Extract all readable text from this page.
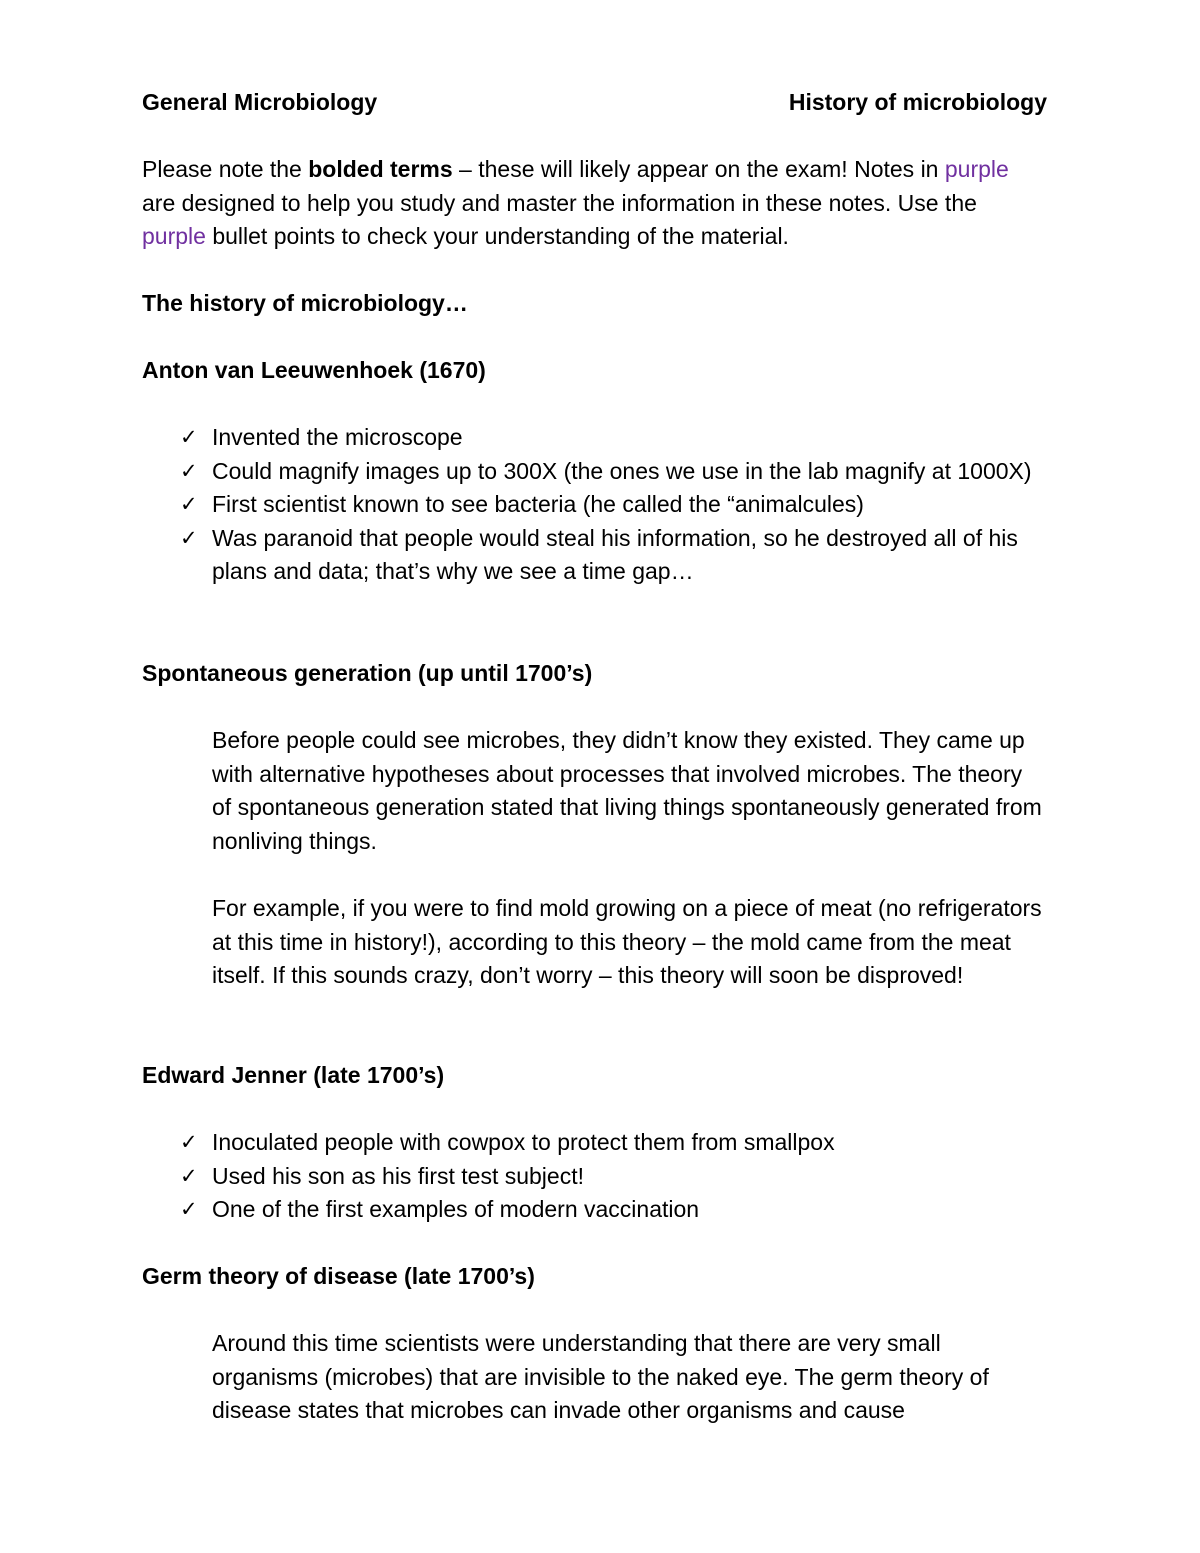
General Microbiology	History of microbiology

Please note the bolded terms – these will likely appear on the exam! Notes in purple are designed to help you study and master the information in these notes. Use the purple bullet points to check your understanding of the material.

The history of microbiology…

Anton van Leeuwenhoek (1670)

✓ Invented the microscope
✓ Could magnify images up to 300X (the ones we use in the lab magnify at 1000X)
✓ First scientist known to see bacteria (he called the “animalcules)
✓ Was paranoid that people would steal his information, so he destroyed all of his plans and data; that’s why we see a time gap…

Spontaneous generation (up until 1700’s)

Before people could see microbes, they didn’t know they existed. They came up with alternative hypotheses about processes that involved microbes. The theory of spontaneous generation stated that living things spontaneously generated from nonliving things.

For example, if you were to find mold growing on a piece of meat (no refrigerators at this time in history!), according to this theory – the mold came from the meat itself. If this sounds crazy, don’t worry – this theory will soon be disproved!

Edward Jenner (late 1700’s)

✓ Inoculated people with cowpox to protect them from smallpox
✓ Used his son as his first test subject!
✓ One of the first examples of modern vaccination

Germ theory of disease (late 1700’s)

Around this time scientists were understanding that there are very small organisms (microbes) that are invisible to the naked eye. The germ theory of disease states that microbes can invade other organisms and cause
